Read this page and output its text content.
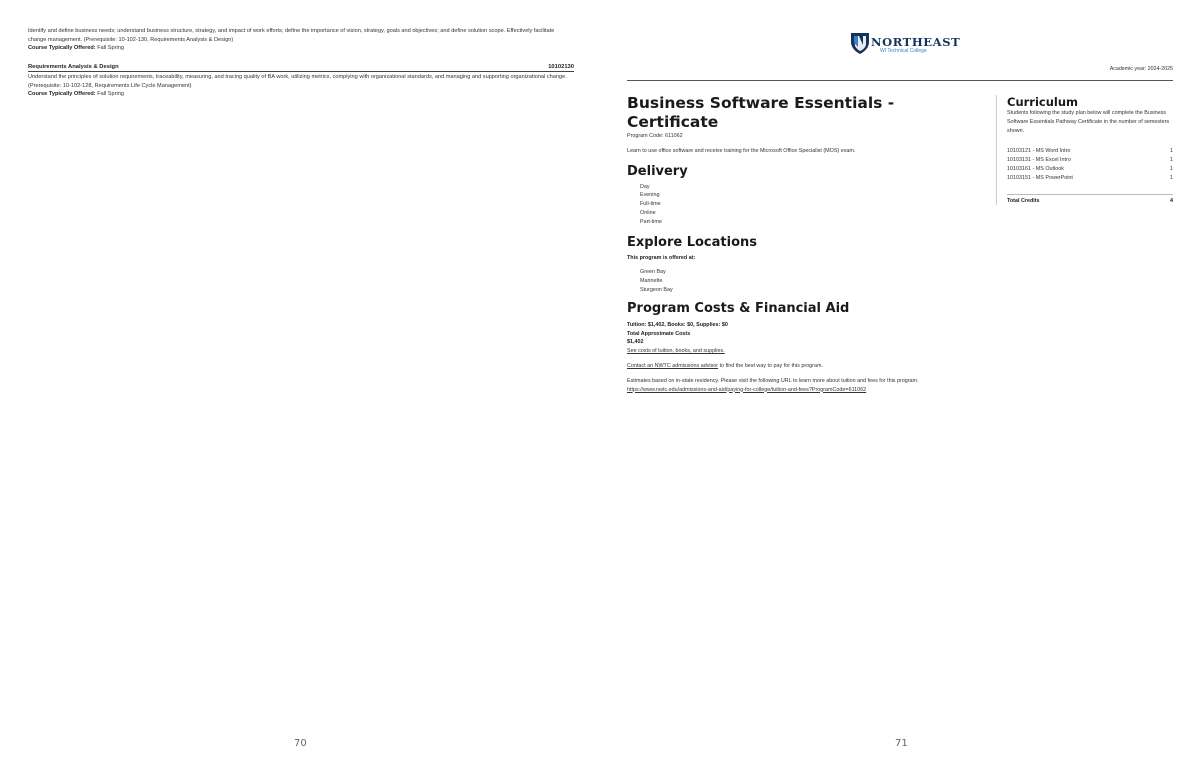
Identify and define business needs; understand business structure, strategy, and impact of work efforts; define the importance of vision, strategy, goals and objectives; and define solution scope. Effectively facilitate change management. (Prerequisite: 10-102-130, Requirements Analysis & Design)
Course Typically Offered: Fall Spring
Requirements Analysis & Design	10102130
Understand the principles of solution requirements, traceability, measuring, and tracing quality of BA work, utilizing metrics, complying with organizational standards, and managing and supporting organizational change. (Prerequisite: 10-102-128, Requirements Life Cycle Management)
Course Typically Offered: Fall Spring
70
NORTHEAST
WI Technical College
Academic year: 2024-2025
Business Software Essentials - Certificate
Program Code: 611062
Learn to use office software and receive training for the Microsoft Office Specialist (MOS) exam.
Delivery
Day
Evening
Full-time
Online
Part-time
Explore Locations
This program is offered at:
Green Bay
Marinette
Sturgeon Bay
Program Costs & Financial Aid
Tuition: $1,402, Books: $0, Supplies: $0
Total Approximate Costs
$1,402
See costs of tuition, books, and supplies.
Contact an NWTC admissions advisor to find the best way to pay for this program.
Estimates based on in-state residency. Please visit the following URL to learn more about tuition and fees for this program.
https://www.nwtc.edu/admissions-and-aid/paying-for-college/tuition-and-fees?ProgramCode=611062
Curriculum
Students following the study plan below will complete the Business Software Essentials Pathway Certificate in the number of semesters shown.
10103121 - MS Word Intro	1
10103131 - MS Excel Intro	1
10103161 - MS Outlook	1
10103151 - MS PowerPoint	1
Total Credits	4
71
